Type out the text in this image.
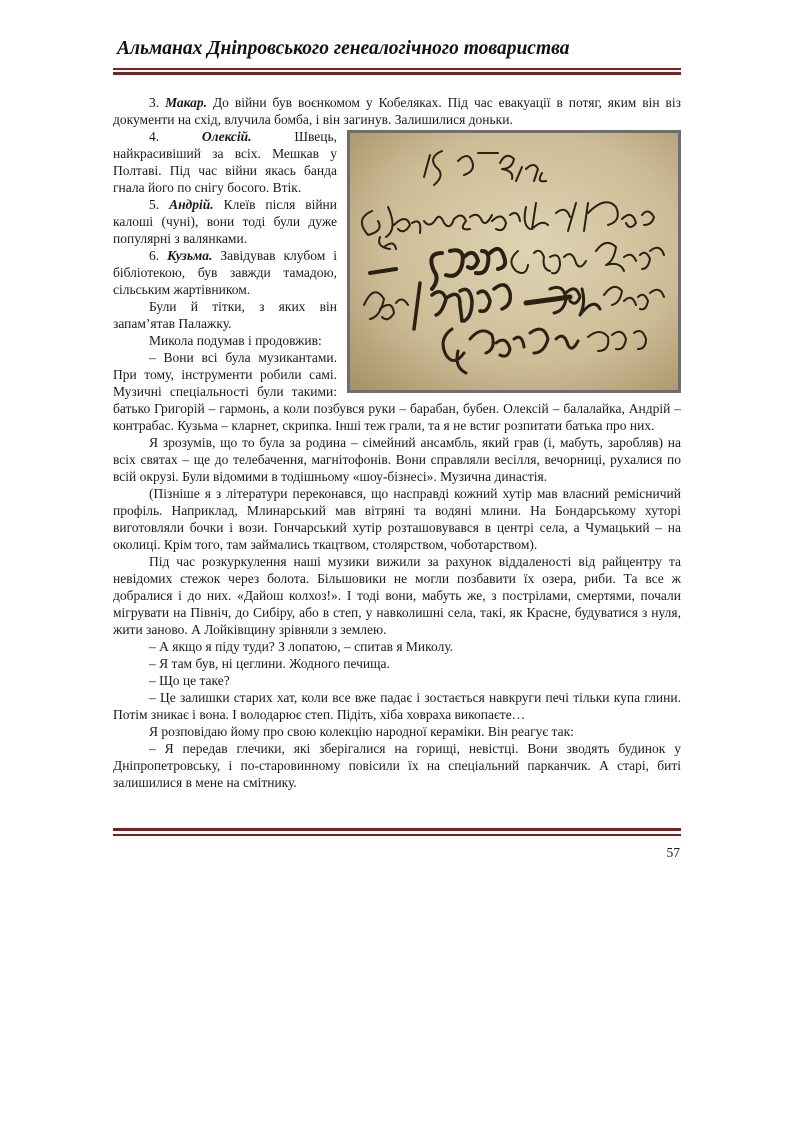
Альманах Дніпровського генеалогічного товариства

3. Макар. До війни був воєнкомом у Кобеляках. Під час евакуації в потяг, яким він віз документи на схід, влучила бомба, і він загинув. Залишилися доньки.

4. Олексій. Швець, найкрасивіший за всіх. Мешкав у Полтаві. Під час війни якась банда гнала його по снігу босого. Втік.

5. Андрій. Клеїв після війни калоші (чуні), вони тоді були дуже популярні з валянками.

6. Кузьма. Завідував клубом і бібліотекою, був завжди тамадою, сільським жартівником.

Були й тітки, з яких він запам’ятав Палажку.

Микола подумав і продовжив:

– Вони всі була музикантами. При тому, інструменти робили самі. Музичні спеціальності були такими: батько Григорій – гармонь, а коли позбувся руки – барабан, бубен. Олексій – балалайка, Андрій – контрабас. Кузьма – кларнет, скрипка. Інші теж грали, та я не встиг розпитати батька про них.

Я зрозумів, що то була за родина – сімейний ансамбль, який грав (і, мабуть, заробляв) на всіх святах – ще до телебачення, магнітофонів. Вони справляли весілля, вечорниці, рухалися по всій окрузі. Були відомими в тодішньому «шоу-бізнесі». Музична династія.

(Пізніше я з літератури переконався, що насправді кожний хутір мав власний ремісничий профіль. Наприклад, Млинарський мав вітряні та водяні млини. На Бондарському хуторі виготовляли бочки і вози. Гончарський хутір розташовувався в центрі села, а Чумацький – на околиці. Крім того, там займались ткацтвом, столярством, чоботарством).

Під час розкуркулення наші музики вижили за рахунок віддаленості від райцентру та невідомих стежок через болота. Більшовики не могли позбавити їх озера, риби. Та все ж добралися і до них. «Дайош колхоз!». І тоді вони, мабуть же, з пострілами, смертями, почали мігрувати на Північ, до Сибіру, або в степ, у навколишні села, такі, як Красне, будуватися з нуля, жити заново. А Лойківщину зрівняли з землею.

– А якщо я піду туди? З лопатою, – спитав я Миколу.

– Я там був, ні цеглини. Жодного печища.

– Що це таке?

– Це залишки старих хат, коли все вже падає і зостається навкруги печі тільки купа глини. Потім зникає і вона. І володарює степ. Підіть, хіба ховраха викопаєте…

Я розповідаю йому про свою колекцію народної кераміки. Він реагує так:

– Я передав глечики, які зберігалися на горищі, невістці. Вони зводять будинок у Дніпропетровську, і по-старовинному повісили їх на спеціальний парканчик. А старі, биті залишилися в мене на смітнику.

57
